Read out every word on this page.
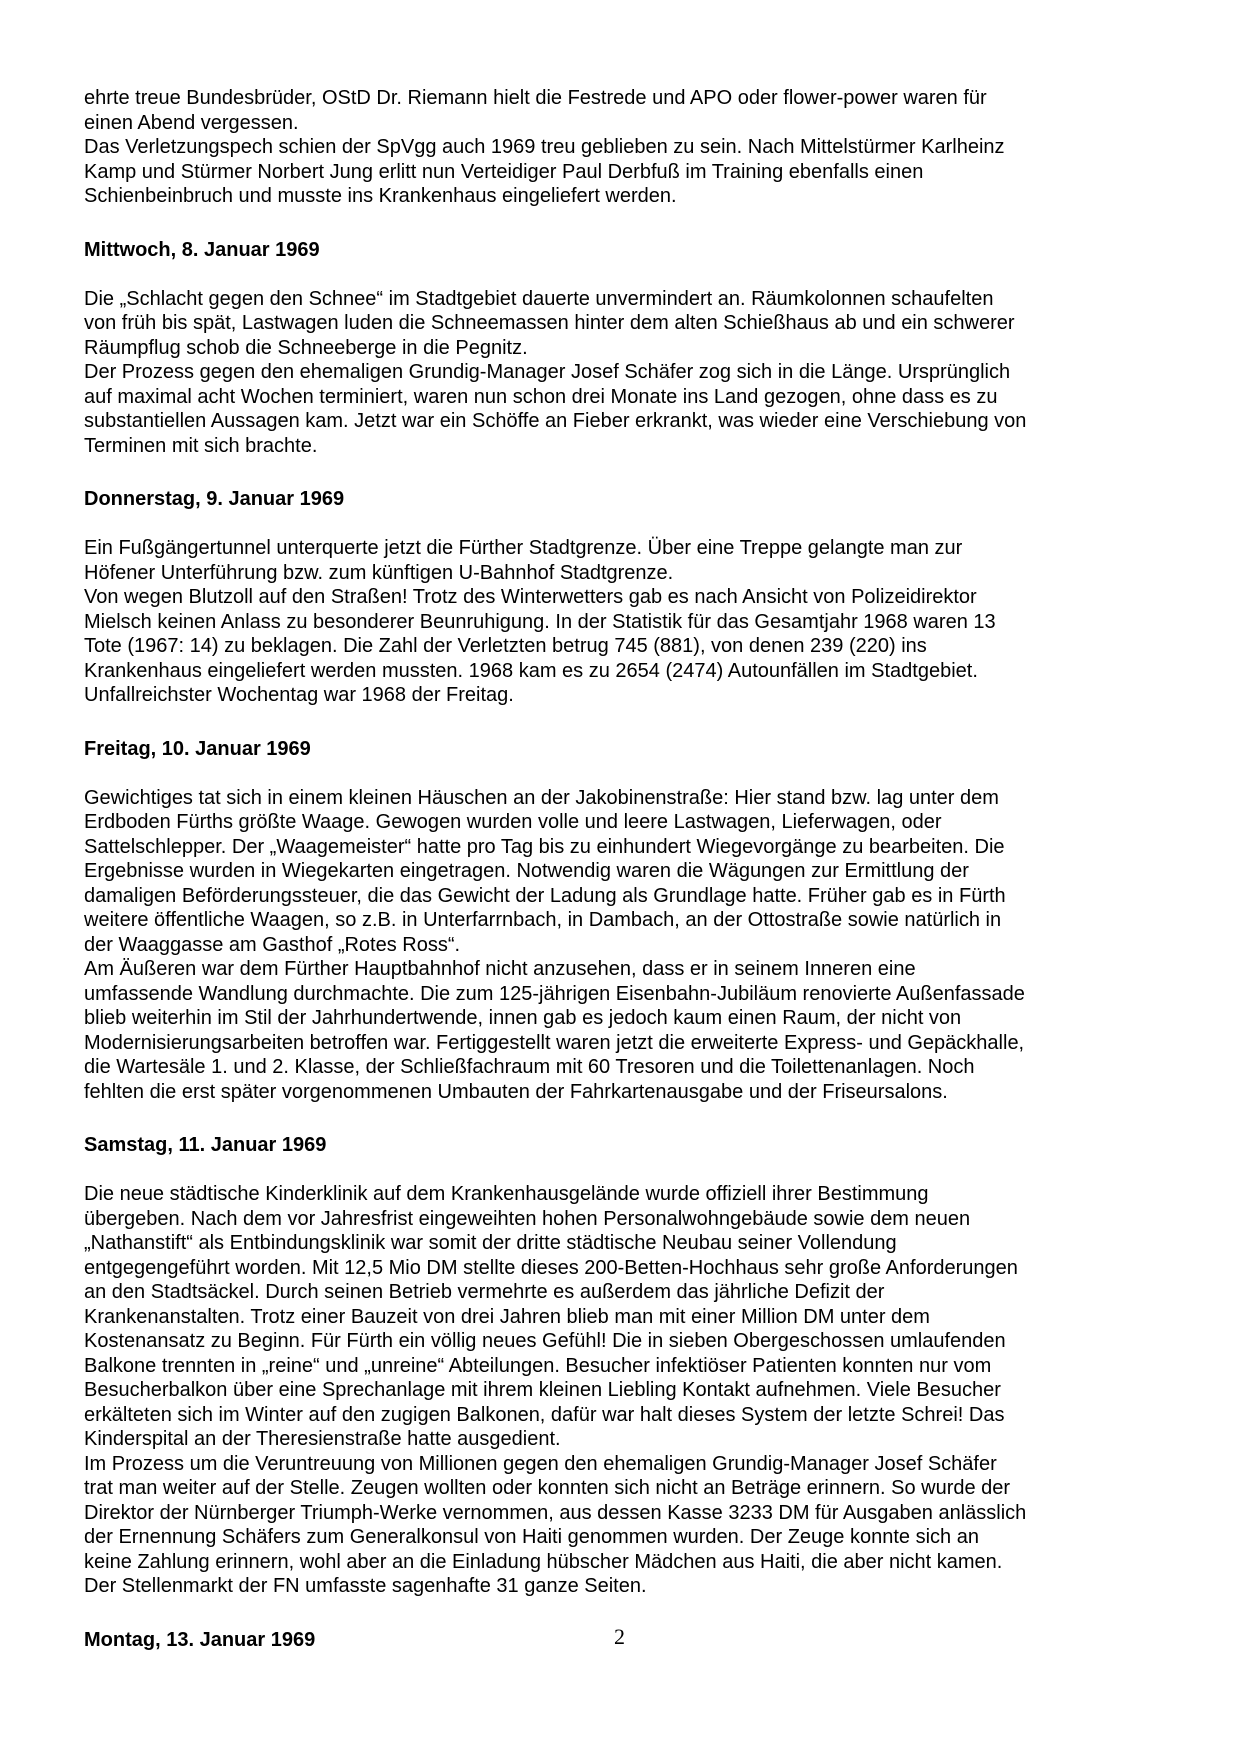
ehrte treue Bundesbrüder, OStD Dr. Riemann hielt die Festrede und APO oder flower-power waren für einen Abend vergessen.
Das Verletzungspech schien der SpVgg auch 1969 treu geblieben zu sein. Nach Mittelstürmer Karlheinz Kamp und Stürmer Norbert Jung erlitt nun Verteidiger Paul Derbfuß im Training ebenfalls einen Schienbeinbruch und musste ins Krankenhaus eingeliefert werden.
Mittwoch, 8. Januar 1969
Die „Schlacht gegen den Schnee“ im Stadtgebiet dauerte unvermindert an. Räumkolonnen schaufelten von früh bis spät, Lastwagen luden die Schneemassen hinter dem alten Schießhaus ab und ein schwerer Räumpflug schob die Schneeberge in die Pegnitz.
Der Prozess gegen den ehemaligen Grundig-Manager Josef Schäfer zog sich in die Länge. Ursprünglich auf maximal acht Wochen terminiert, waren nun schon drei Monate ins Land gezogen, ohne dass es zu substantiellen Aussagen kam. Jetzt war ein Schöffe an Fieber erkrankt, was wieder eine Verschiebung von Terminen mit sich brachte.
Donnerstag, 9. Januar 1969
Ein Fußgängertunnel unterquerte jetzt die Fürther Stadtgrenze. Über eine Treppe gelangte man zur Höfener Unterführung bzw. zum künftigen U-Bahnhof Stadtgrenze.
Von wegen Blutzoll auf den Straßen! Trotz des Winterwetters gab es nach Ansicht von Polizeidirektor Mielsch keinen Anlass zu besonderer Beunruhigung. In der Statistik für das Gesamtjahr 1968 waren 13 Tote (1967: 14) zu beklagen. Die Zahl der Verletzten betrug 745 (881), von denen 239 (220) ins Krankenhaus eingeliefert werden mussten. 1968 kam es zu 2654 (2474) Autounfällen im Stadtgebiet. Unfallreichster Wochentag war 1968 der Freitag.
Freitag, 10. Januar 1969
Gewichtiges tat sich in einem kleinen Häuschen an der Jakobinenstraße: Hier stand bzw. lag unter dem Erdboden Fürths größte Waage. Gewogen wurden volle und leere Lastwagen, Lieferwagen, oder Sattelschlepper. Der „Waagemeister“ hatte pro Tag bis zu einhundert Wiegevorgänge zu bearbeiten. Die Ergebnisse wurden in Wiegekarten eingetragen. Notwendig waren die Wägungen zur Ermittlung der damaligen Beförderungssteuer, die das Gewicht der Ladung als Grundlage hatte. Früher gab es in Fürth weitere öffentliche Waagen, so z.B. in Unterfarrnbach, in Dambach, an der Ottostraße sowie natürlich in der Waaggasse am Gasthof „Rotes Ross“.
Am Äußeren war dem Fürther Hauptbahnhof nicht anzusehen, dass er in seinem Inneren eine umfassende Wandlung durchmachte. Die zum 125-jährigen Eisenbahn-Jubiläum renovierte Außenfassade blieb weiterhin im Stil der Jahrhundertwende, innen gab es jedoch kaum einen Raum, der nicht von Modernisierungsarbeiten betroffen war. Fertiggestellt waren jetzt die erweiterte Express- und Gepäckhalle, die Wartesäle 1. und 2. Klasse, der Schließfachraum mit 60 Tresoren und die Toilettenanlagen. Noch fehlten die erst später vorgenommenen Umbauten der Fahrkartenausgabe und der Friseursalons.
Samstag, 11. Januar 1969
Die neue städtische Kinderklinik auf dem Krankenhausgelände wurde offiziell ihrer Bestimmung übergeben. Nach dem vor Jahresfrist eingeweihten hohen Personalwohngebäude sowie dem neuen „Nathanstift“ als Entbindungsklinik war somit der dritte städtische Neubau seiner Vollendung entgegengeführt worden. Mit 12,5 Mio DM stellte dieses 200-Betten-Hochhaus sehr große Anforderungen an den Stadtsäckel. Durch seinen Betrieb vermehrte es außerdem das jährliche Defizit der Krankenanstalten. Trotz einer Bauzeit von drei Jahren blieb man mit einer Million DM unter dem Kostenansatz zu Beginn. Für Fürth ein völlig neues Gefühl! Die in sieben Obergeschossen umlaufenden Balkone trennten in „reine“ und „unreine“ Abteilungen. Besucher infektiöser Patienten konnten nur vom Besucherbalkon über eine Sprechanlage mit ihrem kleinen Liebling Kontakt aufnehmen. Viele Besucher erkälteten sich im Winter auf den zugigen Balkonen, dafür war halt dieses System der letzte Schrei! Das Kinderspital an der Theresienstraße hatte ausgedient.
Im Prozess um die Veruntreuung von Millionen gegen den ehemaligen Grundig-Manager Josef Schäfer trat man weiter auf der Stelle. Zeugen wollten oder konnten sich nicht an Beträge erinnern. So wurde der Direktor der Nürnberger Triumph-Werke vernommen, aus dessen Kasse 3233 DM für Ausgaben anlässlich der Ernennung Schäfers zum Generalkonsul von Haiti genommen wurden. Der Zeuge konnte sich an keine Zahlung erinnern, wohl aber an die Einladung hübscher Mädchen aus Haiti, die aber nicht kamen.
Der Stellenmarkt der FN umfasste sagenhafte 31 ganze Seiten.
Montag, 13. Januar 1969	2
